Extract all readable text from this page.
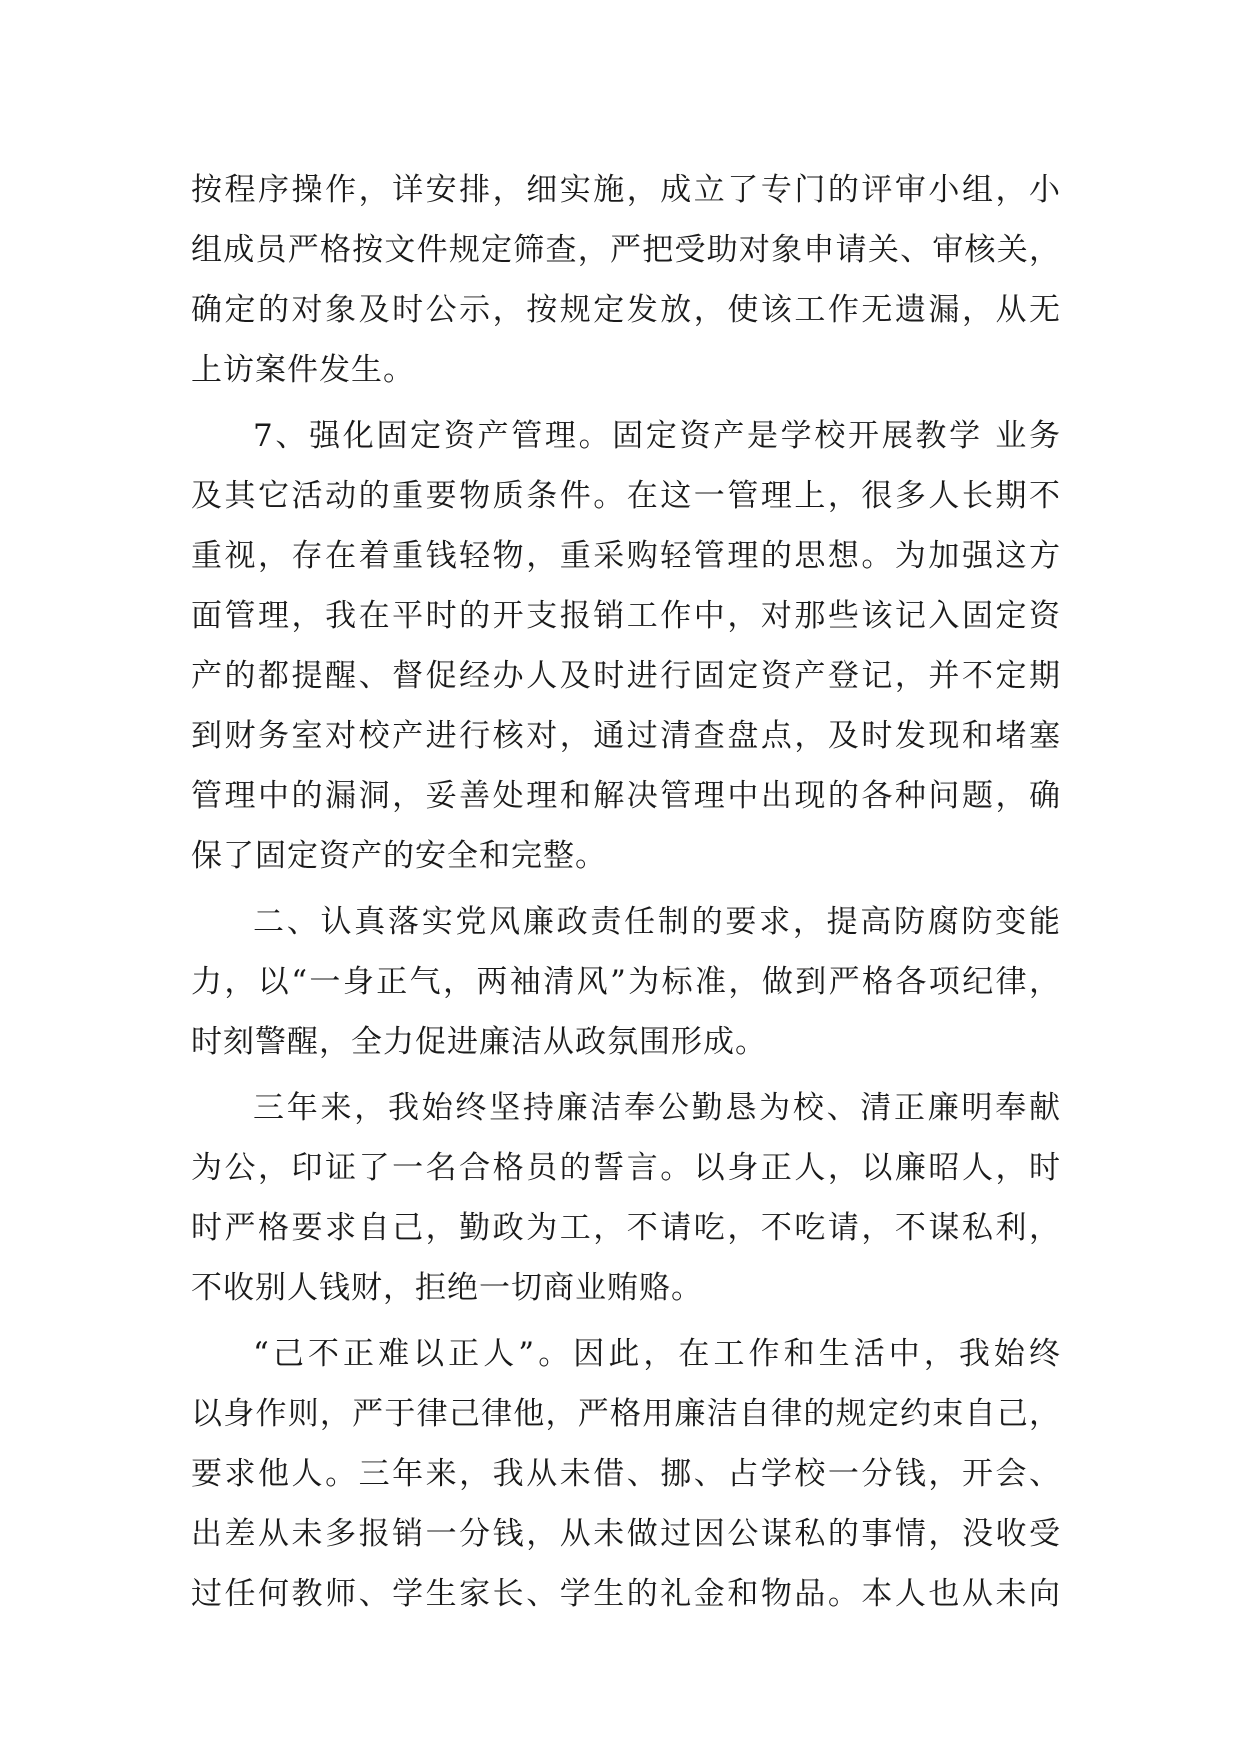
按程序操作，详安排，细实施，成立了专门的评审小组，小
组成员严格按文件规定筛查，严把受助对象申请关、审核关，
确定的对象及时公示，按规定发放，使该工作无遗漏，从无
上访案件发生。
7、强化固定资产管理。固定资产是学校开展教学 业务
及其它活动的重要物质条件。在这一管理上，很多人长期不
重视，存在着重钱轻物，重采购轻管理的思想。为加强这方
面管理，我在平时的开支报销工作中，对那些该记入固定资
产的都提醒、督促经办人及时进行固定资产登记，并不定期
到财务室对校产进行核对，通过清查盘点，及时发现和堵塞
管理中的漏洞，妥善处理和解决管理中出现的各种问题，确
保了固定资产的安全和完整。
二、认真落实党风廉政责任制的要求，提高防腐防变能
力，以“一身正气，两袖清风”为标准，做到严格各项纪律，
时刻警醒，全力促进廉洁从政氛围形成。
三年来，我始终坚持廉洁奉公勤恳为校、清正廉明奉献
为公，印证了一名合格员的誓言。以身正人，以廉昭人，时
时严格要求自己，勤政为工，不请吃，不吃请，不谋私利，
不收别人钱财，拒绝一切商业贿赂。
“己不正难以正人”。因此，在工作和生活中，我始终
以身作则，严于律己律他，严格用廉洁自律的规定约束自己，
要求他人。三年来，我从未借、挪、占学校一分钱，开会、
出差从未多报销一分钱，从未做过因公谋私的事情，没收受
过任何教师、学生家长、学生的礼金和物品。本人也从未向
